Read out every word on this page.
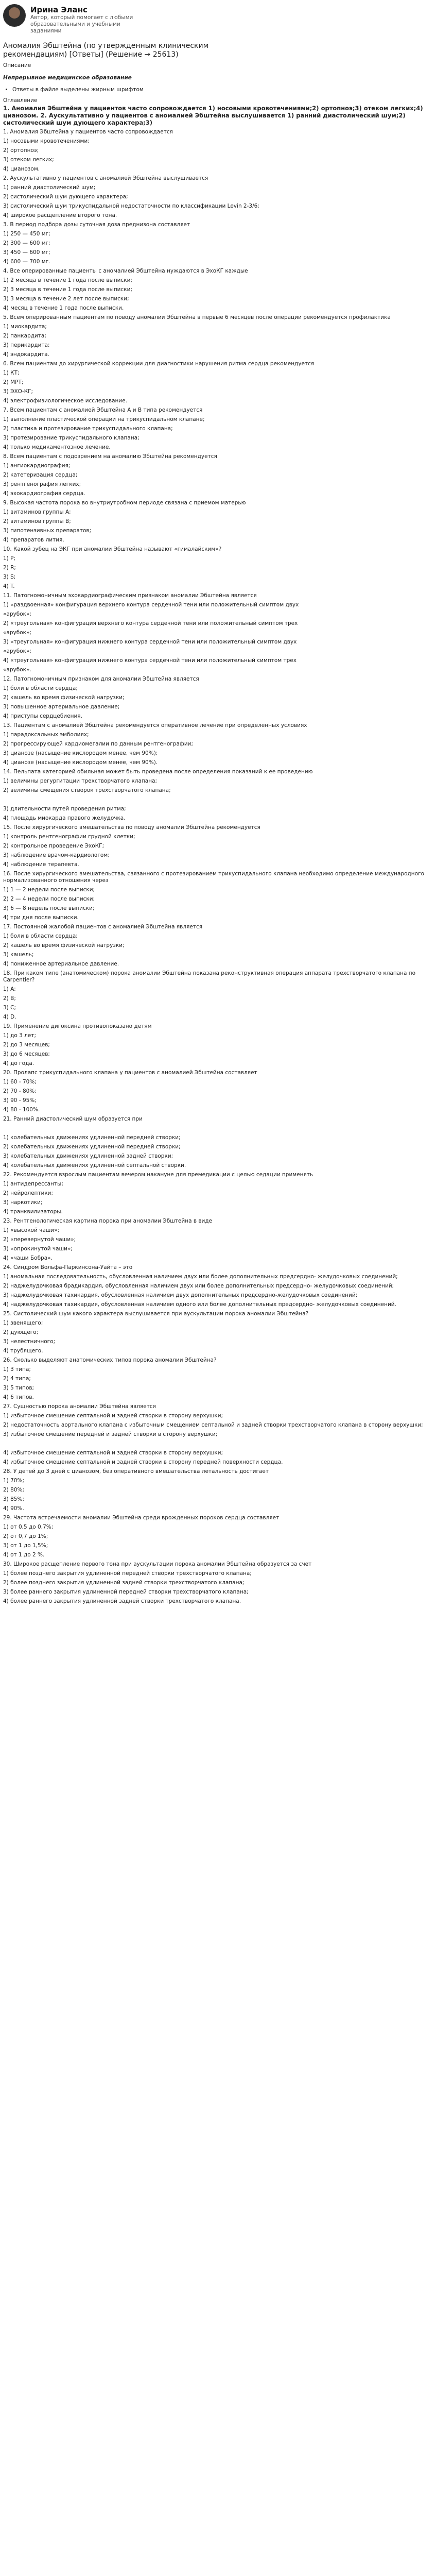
Ирина Эланс
Автор, который помогает с любыми образовательными и учебными заданиями
Аномалия Эбштейна (по утвержденным клиническим рекомендациям) [Ответы] (Решение → 25613)

Описание

Непрерывное медицинское образование

• Ответы в файле выделены жирным шрифтом

Оглавление

1. Аномалия Эбштейна у пациентов часто сопровождается 1) носовыми кровотечениями;2) ортопноэ;3) отеком легких;4) цианозом. 2. Аускультативно у пациентов с аномалией Эбштейна выслушивается 1) ранний диастолический шум;2) систолический шум дующего характера;3)

1. Аномалия Эбштейна у пациентов часто сопровождается

1) носовыми кровотечениями;

2) ортопноэ;

3) отеком легких;

4) цианозом.

2. Аускультативно у пациентов с аномалией Эбштейна выслушивается

1) ранний диастолический шум;

2) систолический шум дующего характера;

3) систолический шум трикуспидальной недостаточности по классификации Levin 2-3/6;

4) широкое расщепление второго тона.

3. В период подбора дозы суточная доза преднизона составляет

1) 250 — 450 мг;

2) 300 — 600 мг;

3) 450 — 600 мг;

4) 600 — 700 мг.

4. Все оперированные пациенты с аномалией Эбштейна нуждаются в ЭхоКГ каждые

1) 2 месяца в течение 1 года после выписки;

2) 3 месяца в течение 1 года после выписки;

3) 3 месяца в течение 2 лет после выписки;

4) месяц в течение 1 года после выписки.

5. Всем оперированным пациентам по поводу аномалии Эбштейна в первые 6 месяцев после операции рекомендуется профилактика

1) миокардита;

2) панкардита;

3) перикардита;

4) эндокардита.

6. Всем пациентам до хирургической коррекции для диагностики нарушения ритма сердца рекомендуется

1) КТ;

2) МРТ;

3) ЭХО-КГ;

4) электрофизиологическое исследование.

7. Всем пациентам с аномалией Эбштейна А и В типа рекомендуется

1) выполнение пластической операции на трикуспидальном клапане;

2) пластика и протезирование трикуспидального клапана;

3) протезирование трикуспидального клапана;

4) только медикаментозное лечение.

8. Всем пациентам с подозрением на аномалию Эбштейна рекомендуется

1) ангиокардиография;

2) катетеризация сердца;

3) рентгенография легких;

4) эхокардиография сердца.

9. Высокая частота порока во внутриутробном периоде связана с приемом матерью

1) витаминов группы А;

2) витаминов группы В;

3) гипотензивных препаратов;

4) препаратов лития.

10. Какой зубец на ЭКГ при аномалии Эбштейна называют «гималайским»?

1) P;

2) R;

3) S;

4) T.

11. Патогномоничным эхокардиографическим признаком аномалии Эбштейна является

1) «раздвоенная» конфигурация верхнего контура сердечной тени или положительный симптом двух

«арубок»;

2) «треугольная» конфигурация верхнего контура сердечной тени или положительный симптом трех

«арубок»;

3) «треугольная» конфигурация нижнего контура сердечной тени или положительный симптом двух

«арубок»;

4) «треугольная» конфигурация нижнего контура сердечной тени или положительный симптом трех

«арубок».

12. Патогномоничным признаком для аномалии Эбштейна является

1) боли в области сердца;

2) кашель во время физической нагрузки;

3) повышенное артериальное давление;

4) приступы сердцебиения.

13. Пациентам с аномалией Эбштейна рекомендуется оперативное лечение при определенных условиях

1) парадоксальных эмболиях;

2) прогрессирующей кардиомегалии по данным рентгенографии;

3) цианозе (насыщение кислородом менее, чем 90%);

4) цианозе (насыщение кислородом менее, чем 90%).

14. Пельпата категорией обильная может быть проведена после определения показаний к ее проведению

1) величины регургитации трехстворчатого клапана;

2) величины смещения створок трехстворчатого клапана;

3) длительности путей проведения ритма;

4) площадь миокарда правого желудочка.

15. После хирургического вмешательства по поводу аномалии Эбштейна рекомендуется

1) контроль рентгенографии грудной клетки;

2) контрольное проведение ЭхоКГ;

3) наблюдение врачом-кардиологом;

4) наблюдение терапевта.

16. После хирургического вмешательства, связанного с протезированием трикуспидального клапана необходимо определение международного нормализованного отношения через

1) 1 — 2 недели после выписки;

2) 2 — 4 недели после выписки;

3) 6 — 8 недель после выписки;

4) три дня после выписки.

17. Постоянной жалобой пациентов с аномалией Эбштейна является

1) боли в области сердца;

2) кашель во время физической нагрузки;

3) кашель;

4) пониженное артериальное давление.

18. При каком типе (анатомическом) порока аномалии Эбштейна показана реконструктивная операция аппарата трехстворчатого клапана по Carpentier?

1) А;

2) В;

3) С;

4) D.

19. Применение дигоксина противопоказано детям

1) до 3 лет;

2) до 3 месяцев;

3) до 6 месяцев;

4) до года.

20. Пролапс трикуспидального клапана у пациентов с аномалией Эбштейна составляет

1) 60 - 70%;

2) 70 - 80%;

3) 90 - 95%;

4) 80 - 100%.

21. Ранний диастолический шум образуется при

1) колебательных движениях удлиненной передней створки;

2) колебательных движениях удлиненной передней створки;

3) колебательных движениях удлиненной задней створки;

4) колебательных движениях удлиненной септальной створки.

22. Рекомендуется взрослым пациентам вечером накануне для премедикации с целью седации применять

1) антидепрессанты;

2) нейролептики;

3) наркотики;

4) транквилизаторы.

23. Рентгенологическая картина порока при аномалии Эбштейна в виде

1) «высокой чаши»;

2) «перевернутой чаши»;

3) «опрокинутой чаши»;

4) «чаши Бобра».

24. Синдром Вольфа-Паркинсона-Уайта – это

1) аномальная последовательность, обусловленная наличием двух или более дополнительных предсердно- желудочковых соединений;

2) наджелудочковая брадикардия, обусловленная наличием двух или более дополнительных предсердно- желудочковых соединений;

3) наджелудочковая тахикардия, обусловленная наличием двух дополнительных предсердно-желудочковых соединений;

4) наджелудочковая тахикардия, обусловленная наличием одного или более дополнительных предсердно- желудочковых соединений.

25. Систолический шум какого характера выслушивается при аускультации порока аномалии Эбштейна?

1) звенящего;

2) дующего;

3) нелестничного;

4) трубящего.

26. Сколько выделяют анатомических типов порока аномалии Эбштейна?

1) 3 типа;

2) 4 типа;

3) 5 типов;

4) 6 типов.

27. Сущностью порока аномалии Эбштейна является

1) избыточное смещение септальной и задней створки в сторону верхушки;

2) недостаточность аортального клапана с избыточным смещением септальной и задней створки трехстворчатого клапана в сторону верхушки;

3) избыточное смещение передней и задней створки в сторону верхушки;

4) избыточное смещение септальной и задней створки в сторону верхушки;

4) избыточное смещение септальной и задней створки в сторону передней поверхности сердца.

28. У детей до 3 дней с цианозом, без оперативного вмешательства летальность достигает

1) 70%;

2) 80%;

3) 85%;

4) 90%.

29. Частота встречаемости аномалии Эбштейна среди врожденных пороков сердца составляет

1) от 0,5 до 0,7%;

2) от 0,7 до 1%;

3) от 1 до 1,5%;

4) от 1 до 2 %.

30. Широкое расщепление первого тона при аускультации порока аномалии Эбштейна образуется за счет

1) более позднего закрытия удлиненной передней створки трехстворчатого клапана;

2) более позднего закрытия удлиненной задней створки трехстворчатого клапана;

3) более раннего закрытия удлиненной передней створки трехстворчатого клапана;

4) более раннего закрытия удлиненной задней створки трехстворчатого клапана.
